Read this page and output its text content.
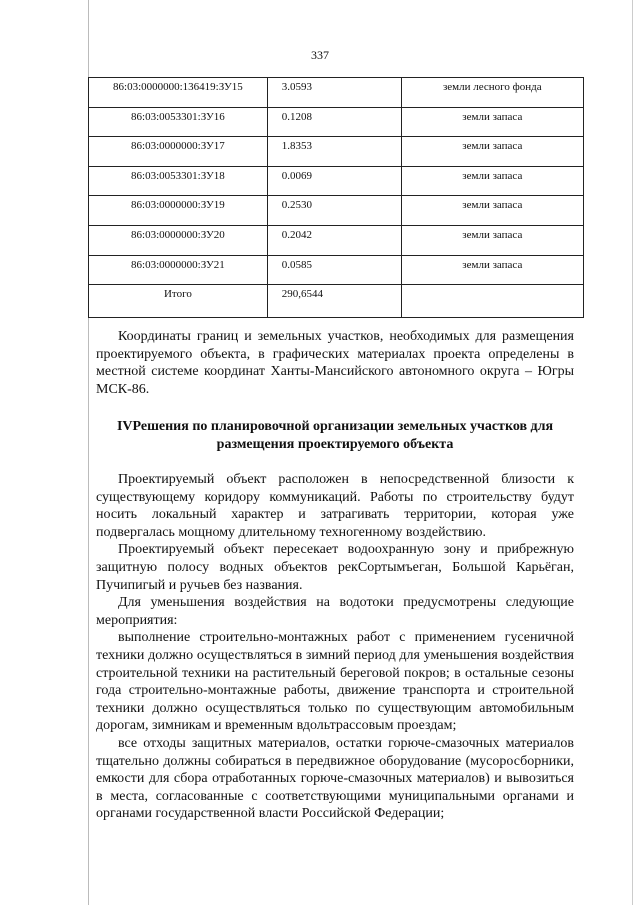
337
86:03:0000000:136419:ЗУ15	3.0593	земли лесного фонда
86:03:0053301:ЗУ16	0.1208	земли запаса
86:03:0000000:ЗУ17	1.8353	земли запаса
86:03:0053301:ЗУ18	0.0069	земли запаса
86:03:0000000:ЗУ19	0.2530	земли запаса
86:03:0000000:ЗУ20	0.2042	земли запаса
86:03:0000000:ЗУ21	0.0585	земли запаса
Итого	290,6544	

Координаты границ и земельных участков, необходимых для размещения проектируемого объекта, в графических материалах проекта определены в местной системе координат Ханты-Мансийского автономного округа – Югры МСК-86.

IVРешения по планировочной организации земельных участков для размещения проектируемого объекта

Проектируемый объект расположен в непосредственной близости к существующему коридору коммуникаций. Работы по строительству будут носить локальный характер и затрагивать территории, которая уже подвергалась мощному длительному техногенному воздействию.

Проектируемый объект пересекает водоохранную зону и прибрежную защитную полосу водных объектов рекСортымъеган, Большой Карьёган, Пучипигый и ручьев без названия.

Для уменьшения воздействия на водотоки предусмотрены следующие мероприятия:

выполнение строительно-монтажных работ с применением гусеничной техники должно осуществляться в зимний период для уменьшения воздействия строительной техники на растительный береговой покров; в остальные сезоны года строительно-монтажные работы, движение транспорта и строительной техники должно осуществляться только по существующим автомобильным дорогам, зимникам и временным вдольтрассовым проездам;

все отходы защитных материалов, остатки горюче-смазочных материалов тщательно должны собираться в передвижное оборудование (мусоросборники, емкости для сбора отработанных горюче-смазочных материалов) и вывозиться в места, согласованные с соответствующими муниципальными органами и органами государственной власти Российской Федерации;
